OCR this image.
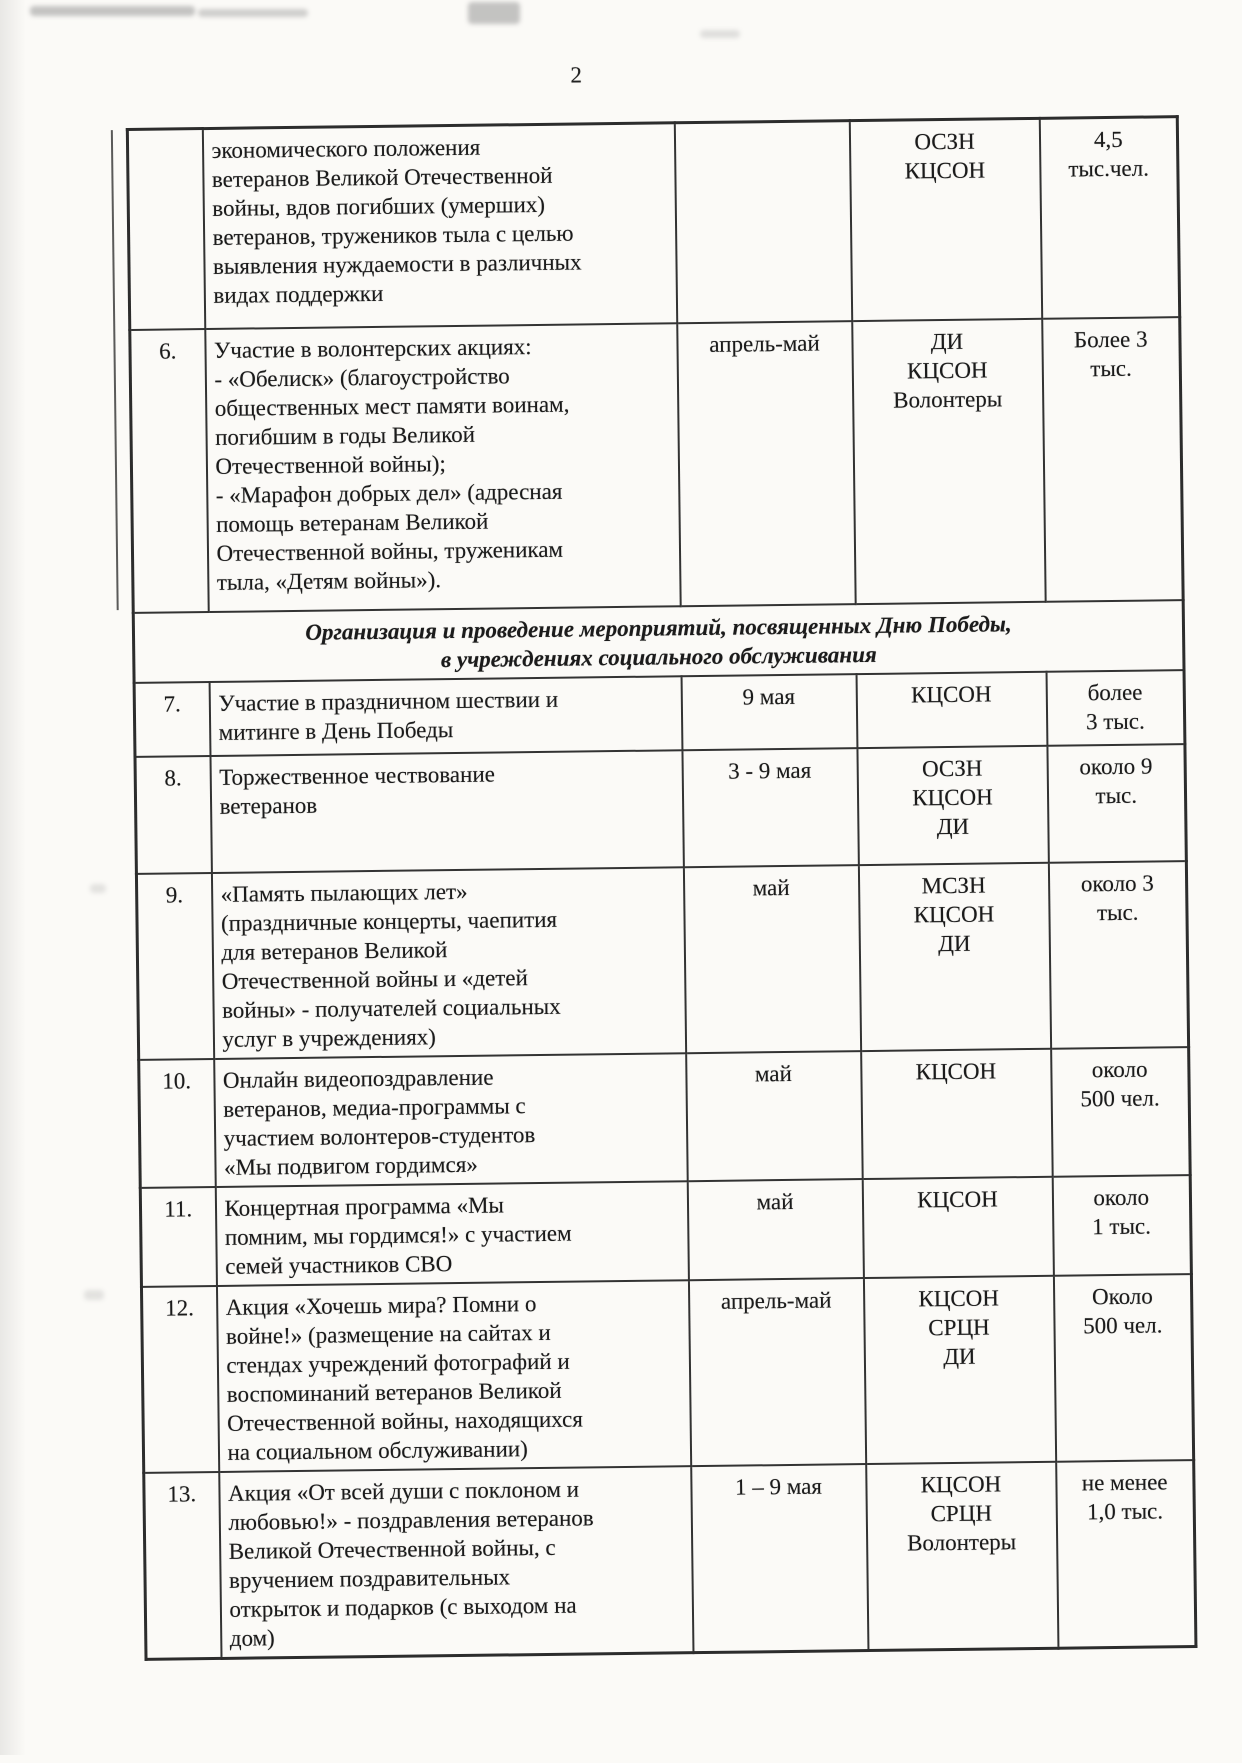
2
	экономического положения
ветеранов Великой Отечественной
войны, вдов погибших (умерших)
ветеранов, тружеников тыла с целью
выявления нуждаемости в различных
видах поддержки		ОСЗН
КЦСОН	4,5
тыс.чел.
6.	Участие в волонтерских акциях:
- «Обелиск» (благоустройство
общественных мест памяти воинам,
погибшим в годы Великой
Отечественной войны);
- «Марафон добрых дел» (адресная
помощь ветеранам Великой
Отечественной войны, труженикам
тыла, «Детям войны»).	апрель-май	ДИ
КЦСОН
Волонтеры	Более 3
тыс.
Организация и проведение мероприятий, посвященных Дню Победы,
в учреждениях социального обслуживания				
7.	Участие в праздничном шествии и
митинге в День Победы	9 мая	КЦСОН	более
3 тыс.
8.	Торжественное чествование
ветеранов	3 - 9 мая	ОСЗН
КЦСОН
ДИ	около 9
тыс.
9.	«Память пылающих лет»
(праздничные концерты, чаепития
для ветеранов Великой
Отечественной войны и «детей
войны» - получателей социальных
услуг в учреждениях)	май	МСЗН
КЦСОН
ДИ	около 3
тыс.
10.	Онлайн видеопоздравление
ветеранов, медиа-программы с
участием волонтеров-студентов
«Мы подвигом гордимся»	май	КЦСОН	около
500 чел.
11.	Концертная программа «Мы
помним, мы гордимся!» с участием
семей участников СВО	май	КЦСОН	около
1 тыс.
12.	Акция «Хочешь мира? Помни о
войне!» (размещение на сайтах и
стендах учреждений фотографий и
воспоминаний ветеранов Великой
Отечественной войны, находящихся
на социальном обслуживании)	апрель-май	КЦСОН
СРЦН
ДИ	Около
500 чел.
13.	Акция «От всей души с поклоном и
любовью!» - поздравления ветеранов
Великой Отечественной войны, с
вручением поздравительных
открыток и подарков (с выходом на
дом)	1 – 9 мая	КЦСОН
СРЦН
Волонтеры	не менее
1,0 тыс.
